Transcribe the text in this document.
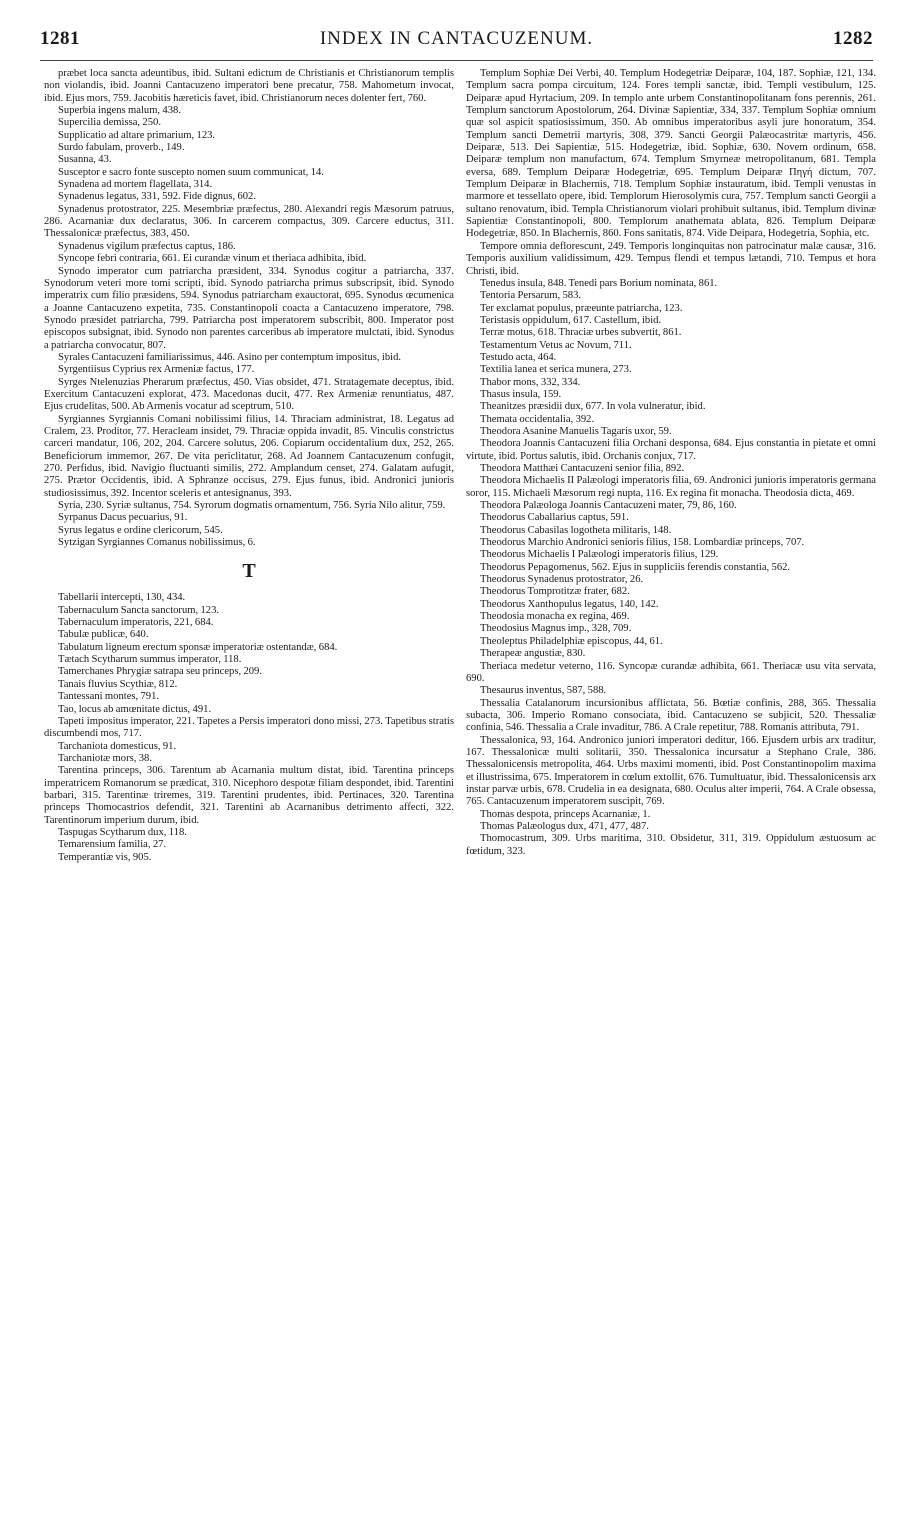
1281	INDEX IN CANTACUZENUM.	1282

præbet loca sancta adeuntibus, ibid. Sultani edictum de Christianis et Christianorum templis non violandis, ibid. Joanni Cantacuzeno imperatori bene precatur, 758. Mahometum invocat, ibid. Ejus mors, 759. Jacobitis hæreticis favet, ibid. Christianorum neces dolenter fert, 760.

Superbia ingens malum, 438.

Supercilia demissa, 250.

Supplicatio ad altare primarium, 123.

Surdo fabulam, proverb., 149.

Susanna, 43.

Susceptor e sacro fonte suscepto nomen suum communicat, 14.

Synadena ad mortem flagellata, 314.

Synadenus legatus, 331, 592. Fide dignus, 602.

Synadenus protostrator, 225. Mesembriæ præfectus, 280. Alexandri regis Mæsorum patruus, 286. Acarnaniæ dux declaratus, 306. In carcerem compactus, 309. Carcere eductus, 311. Thessalonicæ præfectus, 383, 450.

Synadenus vigilum præfectus captus, 186.

Syncope febri contraria, 661. Ei curandæ vinum et theriaca adhibita, ibid.

Synodo imperator cum patriarcha præsident, 334. Synodus cogitur a patriarcha, 337. Synodorum veteri more tomi scripti, ibid. Synodo patriarcha primus subscripsit, ibid. Synodo imperatrix cum filio præsidens, 594. Synodus patriarcham exauctorat, 695. Synodus œcumenica a Joanne Cantacuzeno expetita, 735. Constantinopoli coacta a Cantacuzeno imperatore, 798. Synodo præsidet patriarcha, 799. Patriarcha post imperatorem subscribit, 800. Imperator post episcopos subsignat, ibid. Synodo non parentes carceribus ab imperatore mulctati, ibid. Synodus a patriarcha convocatur, 807.

Syrales Cantacuzeni familiarissimus, 446. Asino per contemptum impositus, ibid.

Syrgentiisus Cyprius rex Armeniæ factus, 177.

Syrges Ntelenuzias Pherarum præfectus, 450. Vias obsidet, 471. Stratagemate deceptus, ibid. Exercitum Cantacuzeni explorat, 473. Macedonas ducit, 477. Rex Armeniæ renuntiatus, 487. Ejus crudelitas, 500. Ab Armenis vocatur ad sceptrum, 510.

Syrgiannes Syrgiannis Comani nobilissimi filius, 14. Thraciam administrat, 18. Legatus ad Cralem, 23. Proditor, 77. Heracleam insidet, 79. Thraciæ oppida invadit, 85. Vinculis constrictus carceri mandatur, 106, 202, 204. Carcere solutus, 206. Copiarum occidentalium dux, 252, 265. Beneficiorum immemor, 267. De vita periclitatur, 268. Ad Joannem Cantacuzenum confugit, 270. Perfidus, ibid. Navigio fluctuanti similis, 272. Amplandum censet, 274. Galatam aufugit, 275. Prætor Occidentis, ibid. A Sphranze occisus, 279. Ejus funus, ibid. Andronici junioris studiosissimus, 392. Incentor sceleris et antesignanus, 393.

Syria, 230. Syriæ sultanus, 754. Syrorum dogmatis ornamentum, 756. Syria Nilo alitur, 759.

Syrpanus Dacus pecuarius, 91.

Syrus legatus e ordine clericorum, 545.

Sytzigan Syrgiannes Comanus nobilissimus, 6.

T

Tabellarii intercepti, 130, 434.

Tabernaculum Sancta sanctorum, 123.

Tabernaculum imperatoris, 221, 684.

Tabulæ publicæ, 640.

Tabulatum ligneum erectum sponsæ imperatoriæ ostentandæ, 684.

Tætach Scytharum summus imperator, 118.

Tamerchanes Phrygiæ satrapa seu princeps, 209.

Tanais fluvius Scythiæ, 812.

Tantessani montes, 791.

Tao, locus ab amœnitate dictus, 491.

Tapeti impositus imperator, 221. Tapetes a Persis imperatori dono missi, 273. Tapetibus stratis discumbendi mos, 717.

Tarchaniota domesticus, 91.

Tarchaniotæ mors, 38.

Tarentina princeps, 306. Tarentum ab Acarnania multum distat, ibid. Tarentina princeps imperatricem Romanorum se prædicat, 310. Nicephoro despotæ filiam despondet, ibid. Tarentini barbari, 315. Tarentinæ triremes, 319. Tarentini prudentes, ibid. Pertinaces, 320. Tarentina princeps Thomocastrios defendit, 321. Tarentini ab Acarnanibus detrimento affecti, 322. Tarentinorum imperium durum, ibid.

Taspugas Scytharum dux, 118.

Temarensium familia, 27.

Temperantiæ vis, 905.

Templum Sophiæ Dei Verbi, 40. Templum Hodegetriæ Deiparæ, 104, 187. Sophiæ, 121, 134. Templum sacra pompa circuitum, 124. Fores templi sanctæ, ibid. Templi vestibulum, 125. Deiparæ apud Hyrtacium, 209. In templo ante urbem Constantinopolitanam fons perennis, 261. Templum sanctorum Apostolorum, 264. Divinæ Sapientiæ, 334, 337. Templum Sophiæ omnium quæ sol aspicit spatiosissimum, 350. Ab omnibus imperatoribus asyli jure honoratum, 354. Templum sancti Demetrii martyris, 308, 379. Sancti Georgii Palæocastritæ martyris, 456. Deiparæ, 513. Dei Sapientiæ, 515. Hodegetriæ, ibid. Sophiæ, 630. Novem ordinum, 658. Deiparæ templum non manufactum, 674. Templum Smyrneæ metropolitanum, 681. Templa eversa, 689. Templum Deiparæ Hodegetriæ, 695. Templum Deiparæ Πηγή dictum, 707. Templum Deiparæ in Blachernis, 718. Templum Sophiæ instauratum, ibid. Templi venustas in marmore et tessellato opere, ibid. Templorum Hierosolymis cura, 757. Templum sancti Georgii a sultano renovatum, ibid. Templa Christianorum violari prohibuit sultanus, ibid. Templum divinæ Sapientiæ Constantinopoli, 800. Templorum anathemata ablata, 826. Templum Deiparæ Hodegetriæ, 850. In Blachernis, 860. Fons sanitatis, 874. Vide Deipara, Hodegetria, Sophia, etc.

Tempore omnia deflorescunt, 249. Temporis longinquitas non patrocinatur malæ causæ, 316. Temporis auxilium validissimum, 429. Tempus flendi et tempus lætandi, 710. Tempus et hora Christi, ibid.

Tenedus insula, 848. Tenedi pars Borium nominata, 861.

Tentoria Persarum, 583.

Ter exclamat populus, præeunte patriarcha, 123.

Teristasis oppidulum, 617. Castellum, ibid.

Terræ motus, 618. Thraciæ urbes subvertit, 861.

Testamentum Vetus ac Novum, 711.

Testudo acta, 464.

Textilia lanea et serica munera, 273.

Thabor mons, 332, 334.

Thasus insula, 159.

Theanitzes præsidii dux, 677. In vola vulneratur, ibid.

Themata occidentalia, 392.

Theodora Asanine Manuelis Tagaris uxor, 59.

Theodora Joannis Cantacuzeni filia Orchani desponsa, 684. Ejus constantia in pietate et omni virtute, ibid. Portus salutis, ibid. Orchanis conjux, 717.

Theodora Matthæi Cantacuzeni senior filia, 892.

Theodora Michaelis II Palæologi imperatoris filia, 69. Andronici junioris imperatoris germana soror, 115. Michaeli Mæsorum regi nupta, 116. Ex regina fit monacha. Theodosia dicta, 469.

Theodora Palæologa Joannis Cantacuzeni mater, 79, 86, 160.

Theodorus Caballarius captus, 591.

Theodorus Cabasilas logotheta militaris, 148.

Theodorus Marchio Andronici senioris filius, 158. Lombardiæ princeps, 707.

Theodorus Michaelis I Palæologi imperatoris filius, 129.

Theodorus Pepagomenus, 562. Ejus in suppliciis ferendis constantia, 562.

Theodorus Synadenus protostrator, 26.

Theodorus Tomprotitzæ frater, 682.

Theodorus Xanthopulus legatus, 140, 142.

Theodosia monacha ex regina, 469.

Theodosius Magnus imp., 328, 709.

Theoleptus Philadelphiæ episcopus, 44, 61.

Therapeæ angustiæ, 830.

Theriaca medetur veterno, 116. Syncopæ curandæ adhibita, 661. Theriacæ usu vita servata, 690.

Thesaurus inventus, 587, 588.

Thessalia Catalanorum incursionibus afflictata, 56. Bœtiæ confinis, 288, 365. Thessalia subacta, 306. Imperio Romano consociata, ibid. Cantacuzeno se subjicit, 520. Thessaliæ confinia, 546. Thessalia a Crale invaditur, 786. A Crale repetitur, 788. Romanis attributa, 791.

Thessalonica, 93, 164. Andronico juniori imperatori deditur, 166. Ejusdem urbis arx traditur, 167. Thessalonicæ multi solitarii, 350. Thessalonica incursatur a Stephano Crale, 386. Thessalonicensis metropolita, 464. Urbs maximi momenti, ibid. Post Constantinopolim maxima et illustrissima, 675. Imperatorem in cœlum extollit, 676. Tumultuatur, ibid. Thessalonicensis arx instar parvæ urbis, 678. Crudelia in ea designata, 680. Oculus alter imperii, 764. A Crale obsessa, 765. Cantacuzenum imperatorem suscipit, 769.

Thomas despota, princeps Acarnaniæ, 1.

Thomas Palæologus dux, 471, 477, 487.

Thomocastrum, 309. Urbs maritima, 310. Obsidetur, 311, 319. Oppidulum æstuosum ac fœtidum, 323.
